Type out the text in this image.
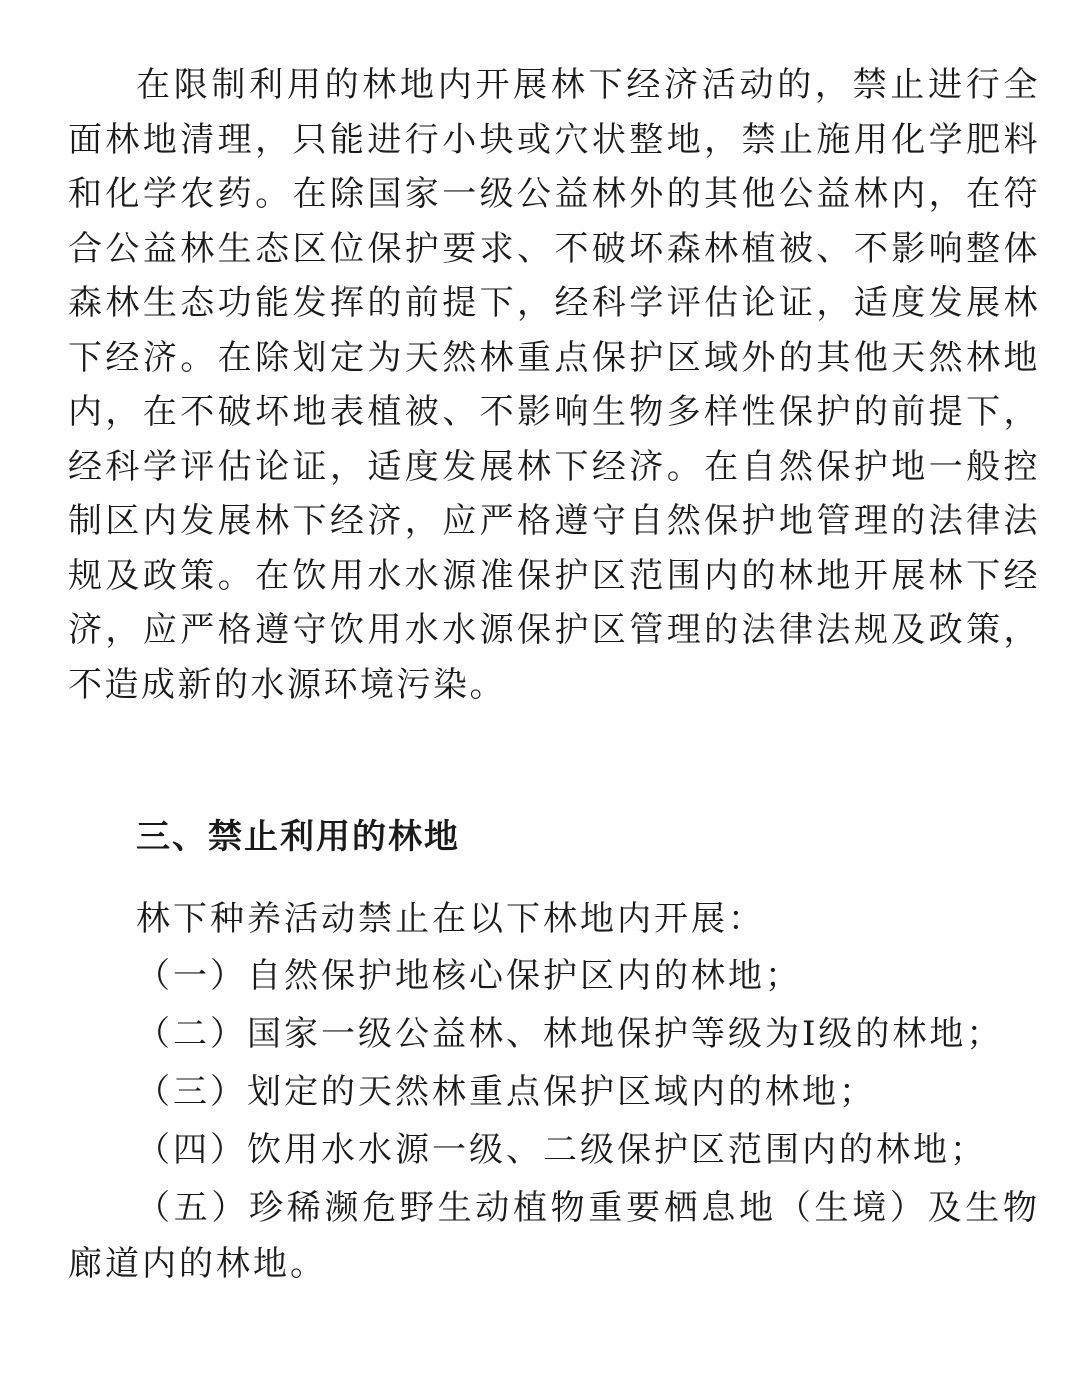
在限制利用的林地内开展林下经济活动的，禁止进行全面林地清理，只能进行小块或穴状整地，禁止施用化学肥料和化学农药。在除国家一级公益林外的其他公益林内，在符合公益林生态区位保护要求、不破坏森林植被、不影响整体森林生态功能发挥的前提下，经科学评估论证，适度发展林下经济。在除划定为天然林重点保护区域外的其他天然林地内，在不破坏地表植被、不影响生物多样性保护的前提下，经科学评估论证，适度发展林下经济。在自然保护地一般控制区内发展林下经济，应严格遵守自然保护地管理的法律法规及政策。在饮用水水源准保护区范围内的林地开展林下经济，应严格遵守饮用水水源保护区管理的法律法规及政策，不造成新的水源环境污染。

三、禁止利用的林地

林下种养活动禁止在以下林地内开展：

（一）自然保护地核心保护区内的林地；
（二）国家一级公益林、林地保护等级为Ⅰ级的林地；
（三）划定的天然林重点保护区域内的林地；
（四）饮用水水源一级、二级保护区范围内的林地；
（五）珍稀濒危野生动植物重要栖息地（生境）及生物廊道内的林地。
